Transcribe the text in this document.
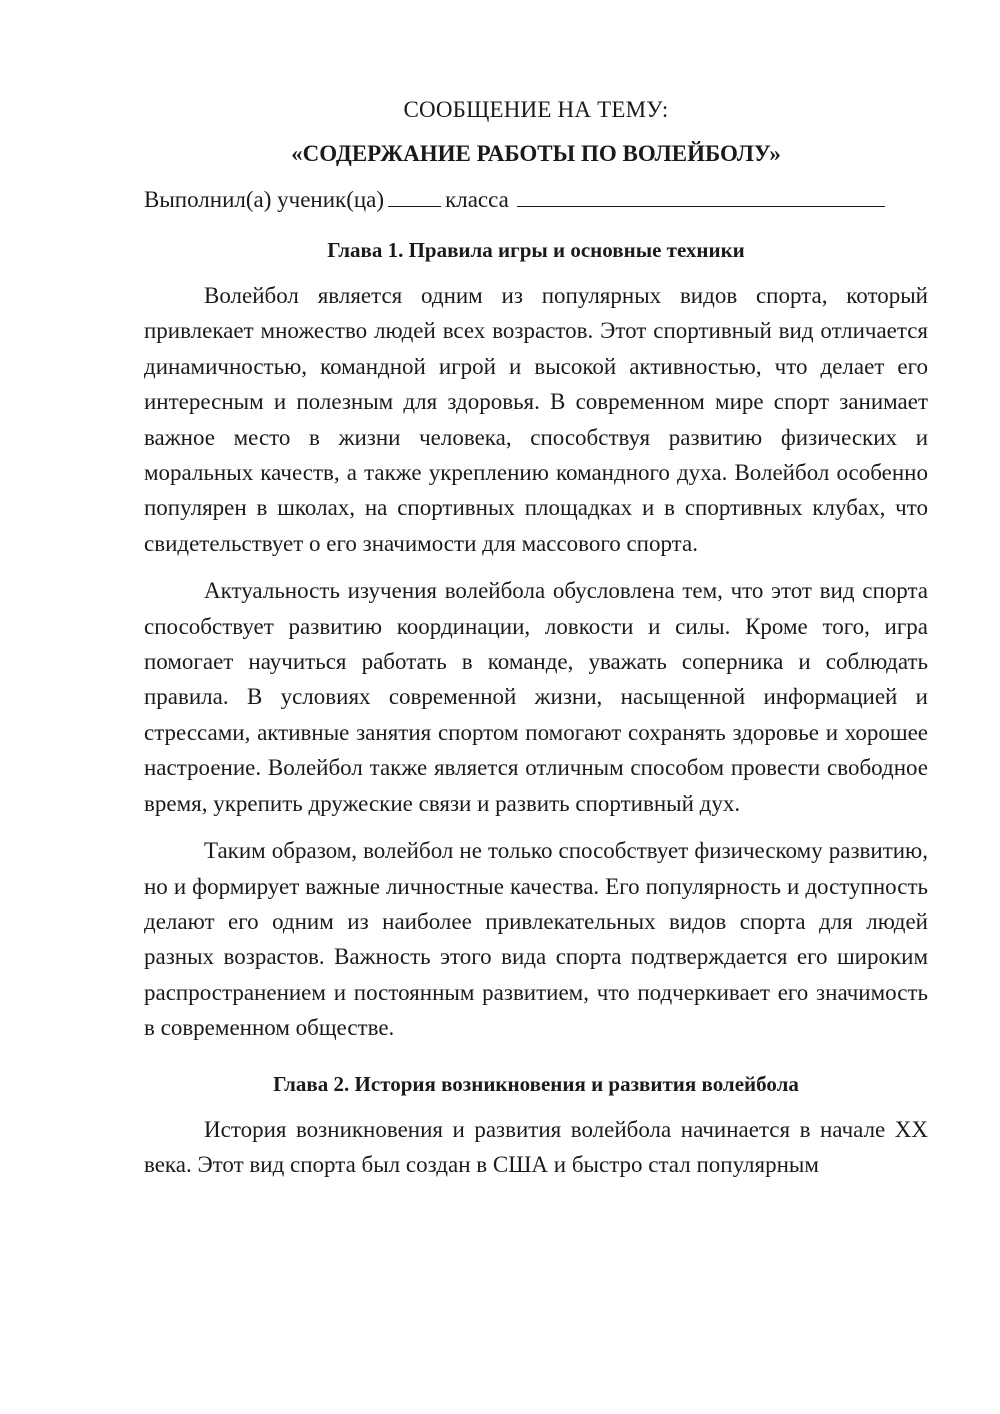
СООБЩЕНИЕ НА ТЕМУ:
«СОДЕРЖАНИЕ РАБОТЫ ПО ВОЛЕЙБОЛУ»
Выполнил(а) ученик(ца)	класса
Глава 1. Правила игры и основные техники

Волейбол является одним из популярных видов спорта, который привлекает множество людей всех возрастов. Этот спортивный вид отличается динамичностью, командной игрой и высокой активностью, что делает его интересным и полезным для здоровья. В современном мире спорт занимает важное место в жизни человека, способствуя развитию физических и моральных качеств, а также укреплению командного духа. Волейбол особенно популярен в школах, на спортивных площадках и в спортивных клубах, что свидетельствует о его значимости для массового спорта.

Актуальность изучения волейбола обусловлена тем, что этот вид спорта способствует развитию координации, ловкости и силы. Кроме того, игра помогает научиться работать в команде, уважать соперника и соблюдать правила. В условиях современной жизни, насыщенной информацией и стрессами, активные занятия спортом помогают сохранять здоровье и хорошее настроение. Волейбол также является отличным способом провести свободное время, укрепить дружеские связи и развить спортивный дух.

Таким образом, волейбол не только способствует физическому развитию, но и формирует важные личностные качества. Его популярность и доступность делают его одним из наиболее привлекательных видов спорта для людей разных возрастов. Важность этого вида спорта подтверждается его широким распространением и постоянным развитием, что подчеркивает его значимость в современном обществе.

Глава 2. История возникновения и развития волейбола

История возникновения и развития волейбола начинается в начале XX века. Этот вид спорта был создан в США и быстро стал популярным
